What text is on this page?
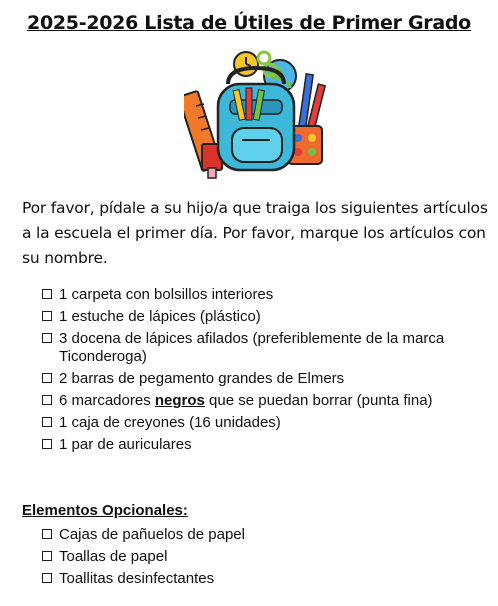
2025-2026 Lista de Útiles de Primer Grado
Por favor, pídale a su hijo/a que traiga los siguientes artículos a la escuela el primer día. Por favor, marque los artículos con su nombre.
1 carpeta con bolsillos interiores
1 estuche de lápices (plástico)
3 docena de lápices afilados (preferiblemente de la marca Ticonderoga)
2 barras de pegamento grandes de Elmers
6 marcadores negros que se puedan borrar (punta fina)
1 caja de creyones (16 unidades)
1 par de auriculares
Elementos Opcionales:
Cajas de pañuelos de papel
Toallas de papel
Toallitas desinfectantes
